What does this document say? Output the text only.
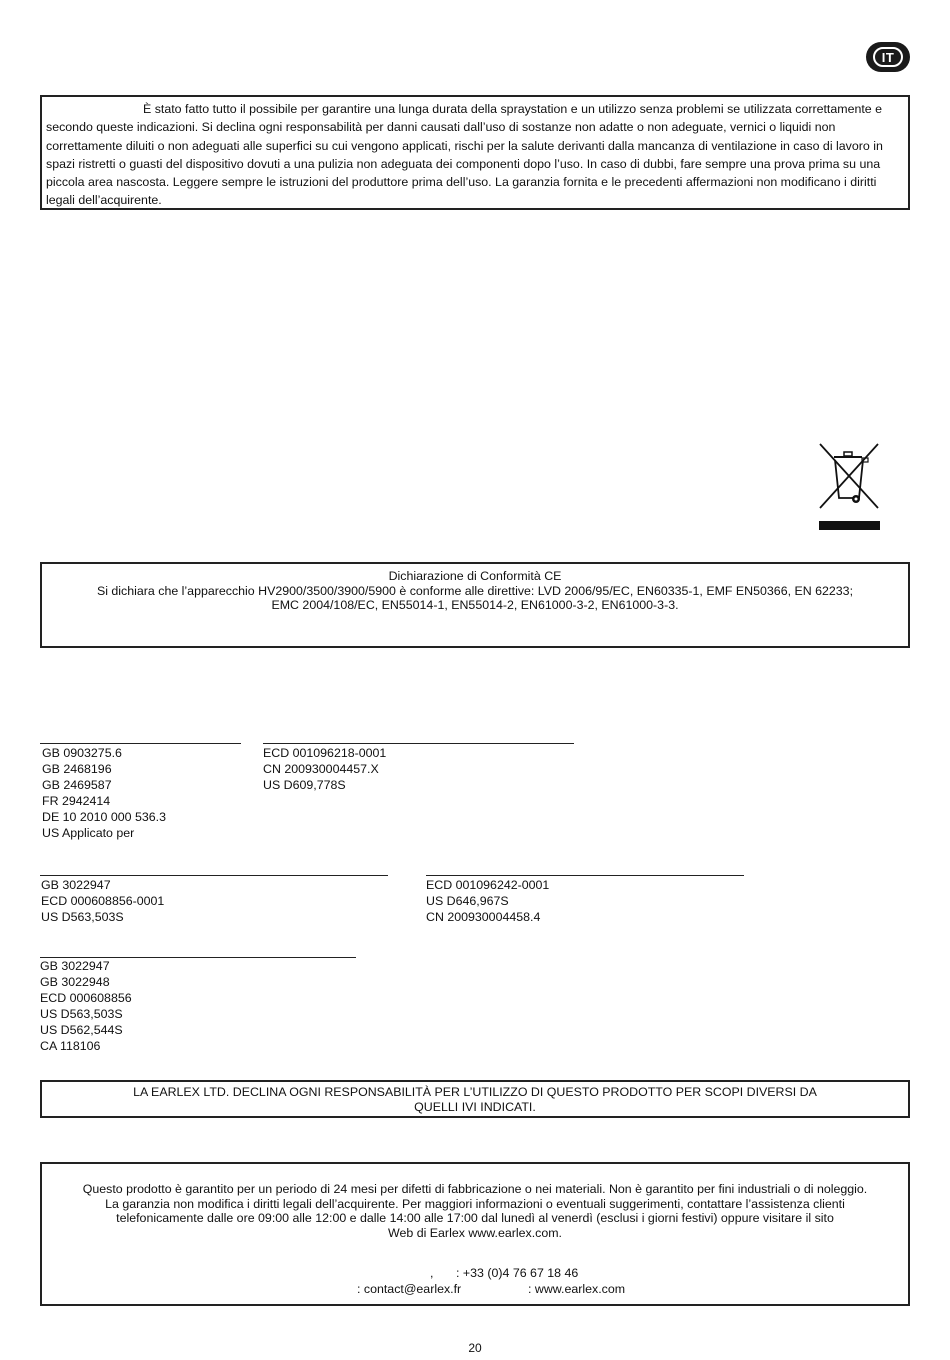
IT
È stato fatto tutto il possibile per garantire una lunga durata della spraystation e un utilizzo senza problemi se utilizzata correttamente e secondo queste indicazioni. Si declina ogni responsabilità per danni causati dall’uso di sostanze non adatte o non adeguate, vernici o liquidi non correttamente diluiti o non adeguati alle superfici su cui vengono applicati, rischi per la salute derivanti dalla mancanza di ventilazione in caso di lavoro in spazi ristretti o guasti del dispositivo dovuti a una pulizia non adeguata dei componenti dopo l’uso. In caso di dubbi, fare sempre una prova prima su una piccola area nascosta. Leggere sempre le istruzioni del produttore prima dell’uso. La garanzia fornita e le precedenti affermazioni non modificano i diritti legali dell’acquirente.
Dichiarazione di Conformità CE
Si dichiara che l’apparecchio HV2900/3500/3900/5900 è conforme alle direttive: LVD 2006/95/EC, EN60335-1, EMF EN50366, EN 62233;
EMC 2004/108/EC, EN55014-1, EN55014-2, EN61000-3-2, EN61000-3-3.
GB 0903275.6
GB 2468196
GB 2469587
FR 2942414
DE 10 2010 000 536.3
US Applicato per
ECD 001096218-0001
CN 200930004457.X
US D609,778S
GB 3022947
ECD 000608856-0001
US D563,503S
ECD 001096242-0001
US D646,967S
CN 200930004458.4
GB 3022947
GB 3022948
ECD 000608856
US D563,503S
US D562,544S
CA 118106
LA EARLEX LTD. DECLINA OGNI RESPONSABILITÀ PER L’UTILIZZO DI QUESTO PRODOTTO PER SCOPI DIVERSI DA
QUELLI IVI INDICATI.
Questo prodotto è garantito per un periodo di 24 mesi per difetti di fabbricazione o nei materiali. Non è garantito per fini industriali o di noleggio.
La garanzia non modifica i diritti legali dell’acquirente. Per maggiori informazioni o eventuali suggerimenti, contattare l’assistenza clienti
telefonicamente dalle ore 09:00 alle 12:00 e dalle 14:00 alle 17:00 dal lunedì al venerdì (esclusi i giorni festivi) oppure visitare il sito
Web di Earlex www.earlex.com.
, : +33 (0)4 76 67 18 46
: contact@earlex.fr	: www.earlex.com
20
